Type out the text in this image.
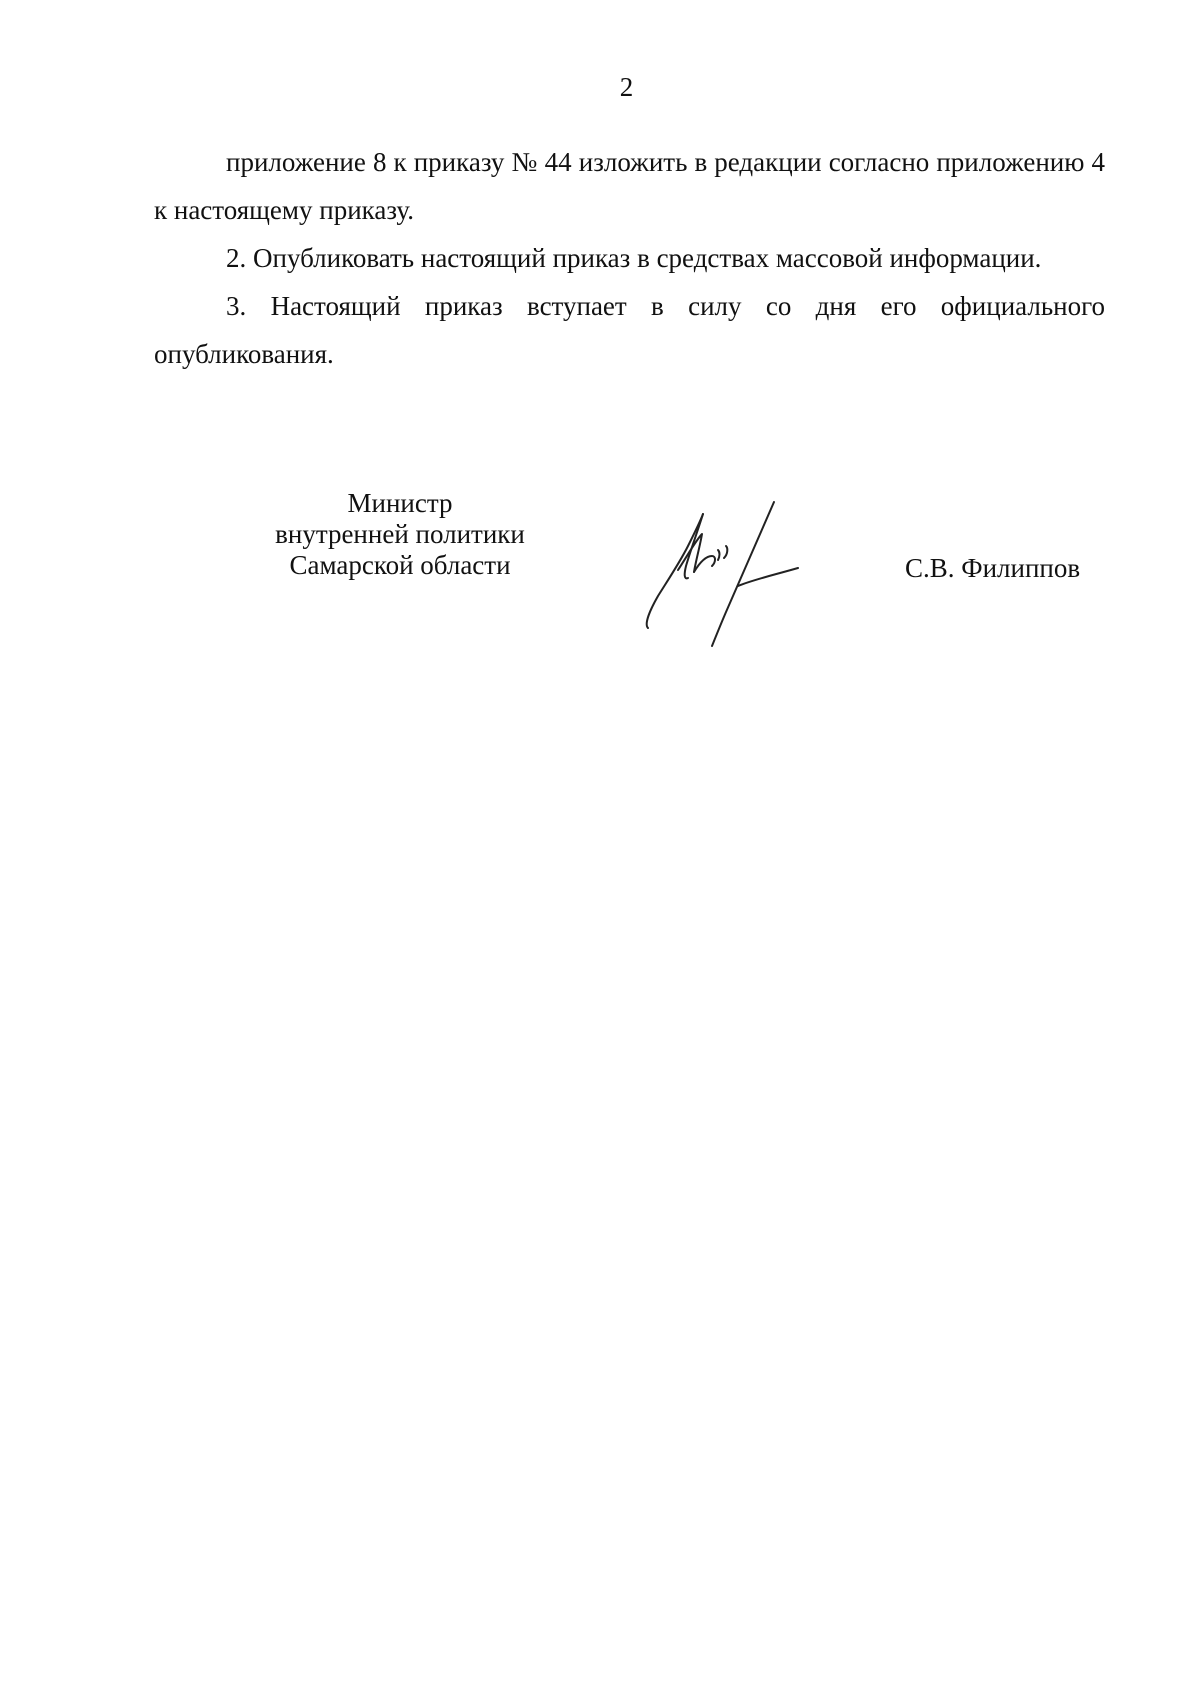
2

приложение 8 к приказу № 44 изложить в редакции согласно приложению 4 к настоящему приказу.

2. Опубликовать настоящий приказ в средствах массовой информации.

3. Настоящий приказ вступает в силу со дня его официального опубликования.

Министр
внутренней политики
Самарской области	С.В. Филиппов
